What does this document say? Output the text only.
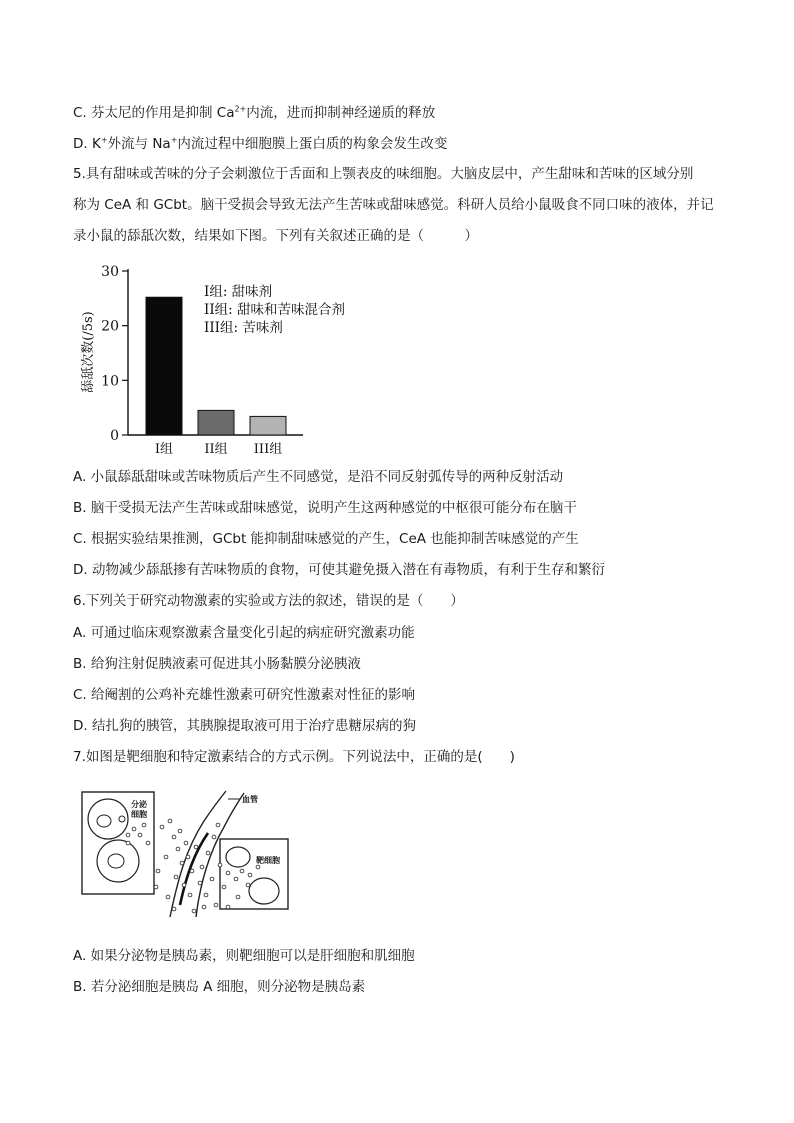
C. 芬太尼的作用是抑制 $Ca^{2+}$内流，进而抑制神经递质的释放
D. K+外流与 Na+内流过程中细胞膜上蛋白质的构象会发生改变
5.具有甜味或苦味的分子会刺激位于舌面和上颚表皮的味细胞。大脑皮层中，产生甜味和苦味的区域分别
称为 CeA 和 GCbt。脑干受损会导致无法产生苦味或甜味感觉。科研人员给小鼠吸食不同口味的液体，并记
录小鼠的舔舐次数，结果如下图。下列有关叙述正确的是（　　　）
舔舐次数(/5s)
0
10
20
30
I组 II组 III组
I组: 甜味剂
II组: 甜味和苦味混合剂
III组: 苦味剂
A. 小鼠舔舐甜味或苦味物质后产生不同感觉，是沿不同反射弧传导的两种反射活动
B. 脑干受损无法产生苦味或甜味感觉，说明产生这两种感觉的中枢很可能分布在脑干
C. 根据实验结果推测，GCbt 能抑制甜味感觉的产生，CeA 也能抑制苦味感觉的产生
D. 动物减少舔舐掺有苦味物质的食物，可使其避免摄入潜在有毒物质，有利于生存和繁衍
6.下列关于研究动物激素的实验或方法的叙述，错误的是（　　）
A. 可通过临床观察激素含量变化引起的病症研究激素功能
B. 给狗注射促胰液素可促进其小肠黏膜分泌胰液
C. 给阉割的公鸡补充雄性激素可研究性激素对性征的影响
D. 结扎狗的胰管，其胰腺提取液可用于治疗患糖尿病的狗
7.如图是靶细胞和特定激素结合的方式示例。下列说法中，正确的是(　　)
分泌
细胞
血管
靶细胞
A. 如果分泌物是胰岛素，则靶细胞可以是肝细胞和肌细胞
B. 若分泌细胞是胰岛 A 细胞，则分泌物是胰岛素
